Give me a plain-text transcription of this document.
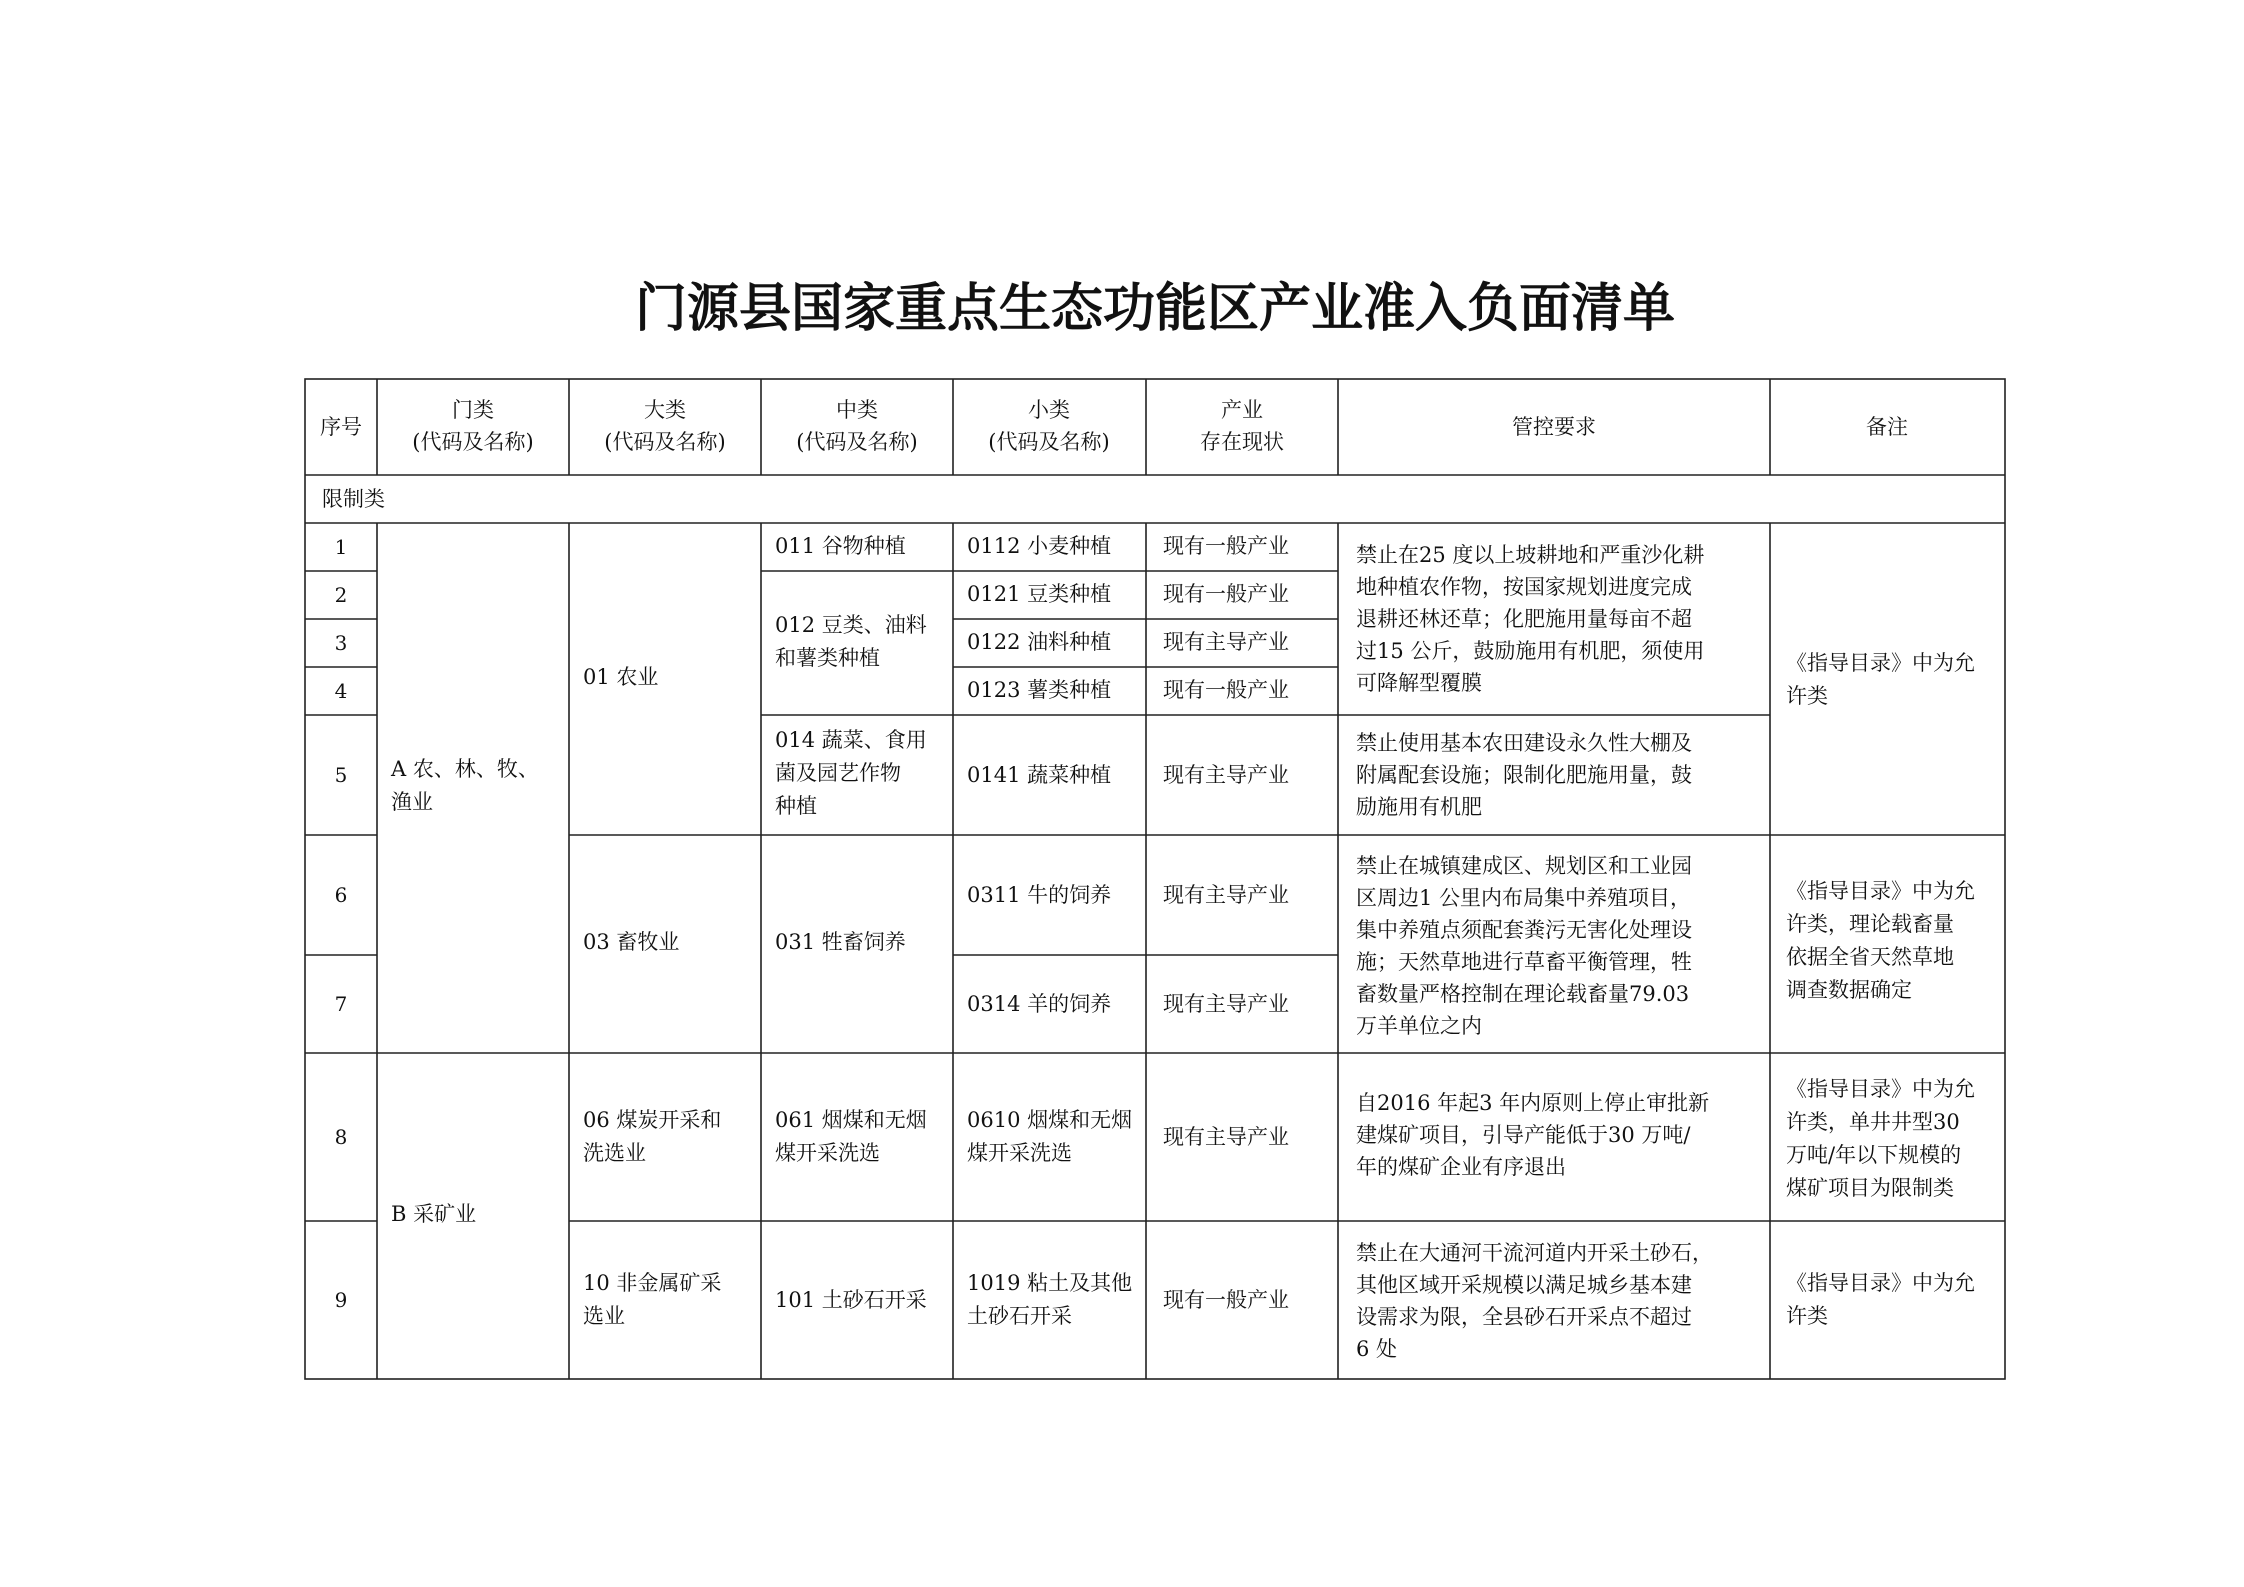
门源县国家重点生态功能区产业准入负面清单
序号
门类
(代码及名称)
大类
(代码及名称)
中类
(代码及名称)
小类
(代码及名称)
产业
存在现状
管控要求	备注
限制类
1
2
3
4
5
6
7
8
9
A 农、林、牧、
渔业
B 采矿业
01 农业
03 畜牧业
06 煤炭开采和
洗选业
10 非金属矿采
选业
011 谷物种植
012 豆类、油料
和薯类种植
014 蔬菜、食用
菌及园艺作物
种植
031 牲畜饲养
061 烟煤和无烟
煤开采洗选
101 土砂石开采
0112 小麦种植
0121 豆类种植
0122 油料种植
0123 薯类种植
0141 蔬菜种植
0311 牛的饲养
0314 羊的饲养
0610 烟煤和无烟
煤开采洗选
1019 粘土及其他
土砂石开采
现有一般产业
现有一般产业
现有主导产业
现有一般产业
现有主导产业
现有主导产业
现有主导产业
现有主导产业
现有一般产业
禁止在25 度以上坡耕地和严重沙化耕
地种植农作物，按国家规划进度完成
退耕还林还草；化肥施用量每亩不超
过15 公斤，鼓励施用有机肥，须使用
可降解型覆膜
禁止使用基本农田建设永久性大棚及
附属配套设施；限制化肥施用量，鼓
励施用有机肥
禁止在城镇建成区、规划区和工业园
区周边1 公里内布局集中养殖项目，
集中养殖点须配套粪污无害化处理设
施；天然草地进行草畜平衡管理，牲
畜数量严格控制在理论载畜量79.03
万羊单位之内
自2016 年起3 年内原则上停止审批新
建煤矿项目，引导产能低于30 万吨/
年的煤矿企业有序退出
禁止在大通河干流河道内开采土砂石，
其他区域开采规模以满足城乡基本建
设需求为限，全县砂石开采点不超过
6 处
《指导目录》中为允
许类
《指导目录》中为允
许类，理论载畜量
依据全省天然草地
调查数据确定
《指导目录》中为允
许类，单井井型30
万吨/年以下规模的
煤矿项目为限制类
《指导目录》中为允
许类
